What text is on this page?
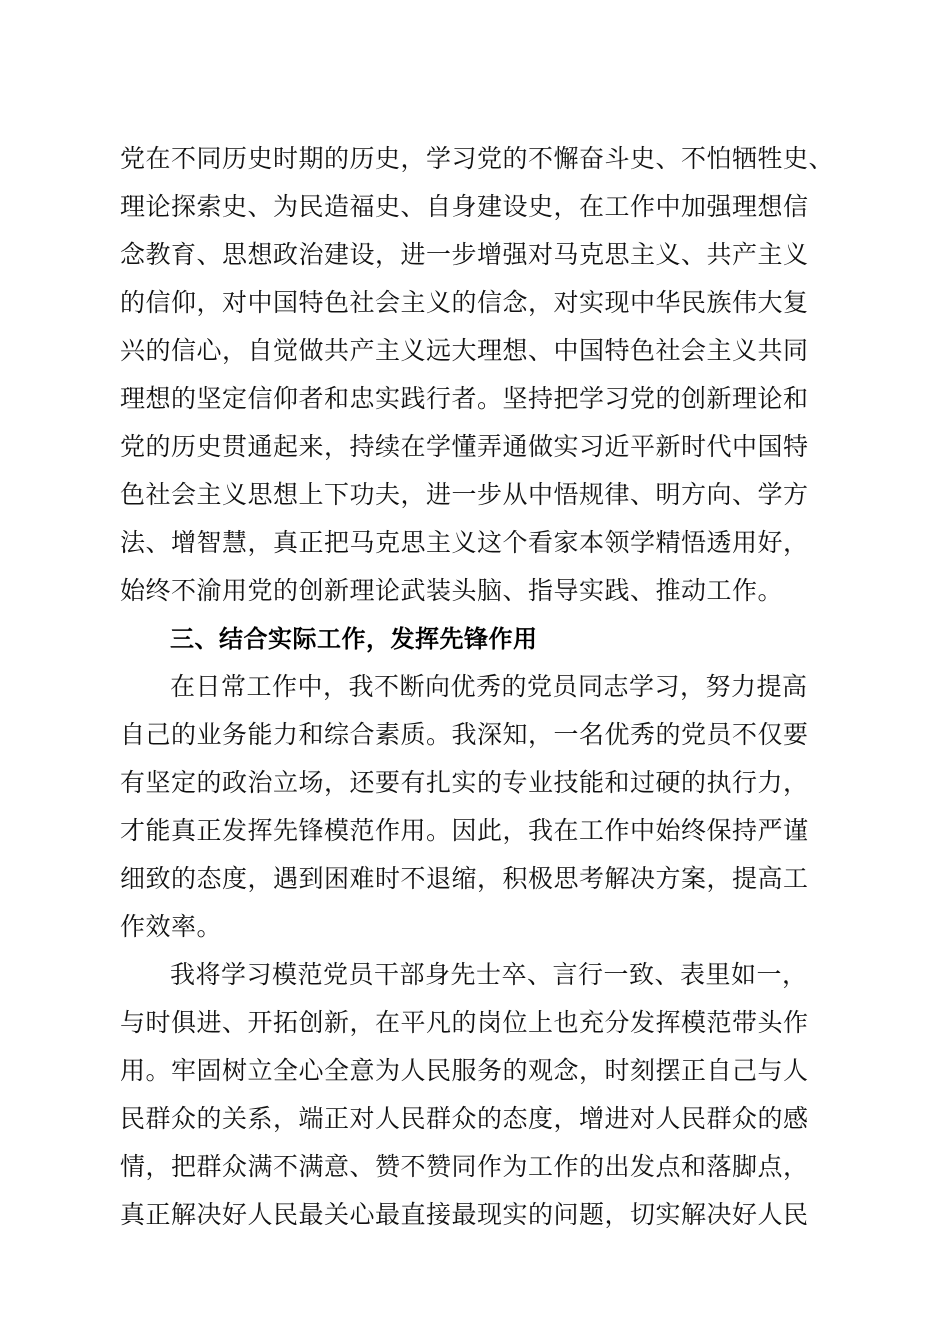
党在不同历史时期的历史，学习党的不懈奋斗史、不怕牺牲史、
理论探索史、为民造福史、自身建设史，在工作中加强理想信
念教育、思想政治建设，进一步增强对马克思主义、共产主义
的信仰，对中国特色社会主义的信念，对实现中华民族伟大复
兴的信心，自觉做共产主义远大理想、中国特色社会主义共同
理想的坚定信仰者和忠实践行者。坚持把学习党的创新理论和
党的历史贯通起来，持续在学懂弄通做实习近平新时代中国特
色社会主义思想上下功夫，进一步从中悟规律、明方向、学方
法、增智慧，真正把马克思主义这个看家本领学精悟透用好，
始终不渝用党的创新理论武装头脑、指导实践、推动工作。
三、结合实际工作，发挥先锋作用
在日常工作中，我不断向优秀的党员同志学习，努力提高
自己的业务能力和综合素质。我深知，一名优秀的党员不仅要
有坚定的政治立场，还要有扎实的专业技能和过硬的执行力，
才能真正发挥先锋模范作用。因此，我在工作中始终保持严谨
细致的态度，遇到困难时不退缩，积极思考解决方案，提高工
作效率。
我将学习模范党员干部身先士卒、言行一致、表里如一，
与时俱进、开拓创新，在平凡的岗位上也充分发挥模范带头作
用。牢固树立全心全意为人民服务的观念，时刻摆正自己与人
民群众的关系，端正对人民群众的态度，增进对人民群众的感
情，把群众满不满意、赞不赞同作为工作的出发点和落脚点，
真正解决好人民最关心最直接最现实的问题，切实解决好人民
